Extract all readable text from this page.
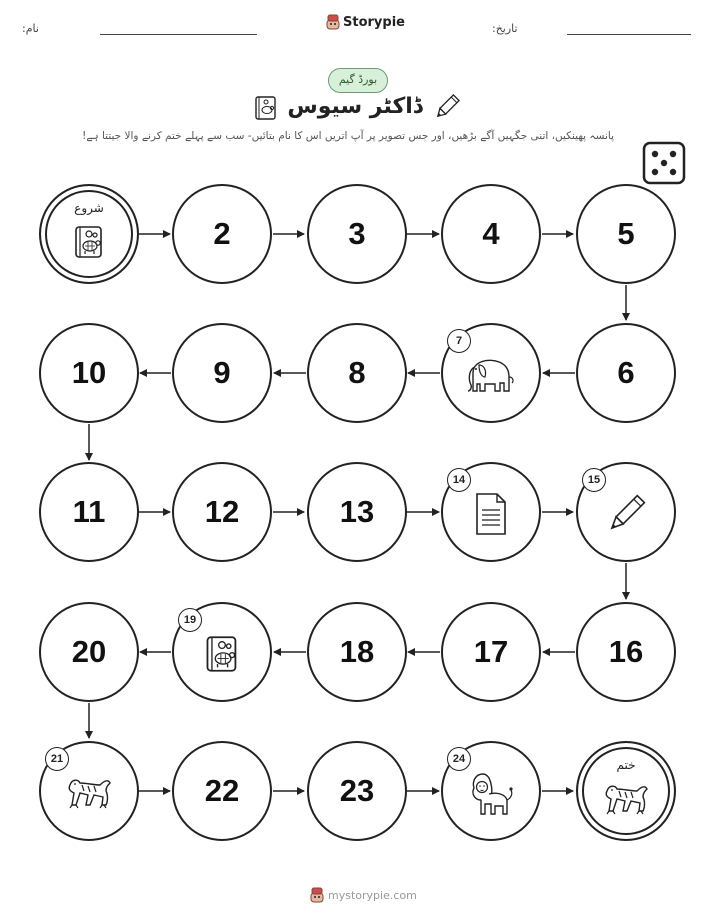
نام:	Storypie	تاریخ:
بورڈ گیم
ڈاکٹر سیوس
پانسہ پھینکیں، اتنی جگہیں آگے بڑھیں، اور جس تصویر پر آپ اتریں اس کا نام بتائیں- سب سے پہلے ختم کرنے والا جیتتا ہے!
شروع
2	3	4	5
6
7
8
9
10
11	12	13
14	15
16
17
18
19
20
21
22	23
24	ختم
mystorypie.com
